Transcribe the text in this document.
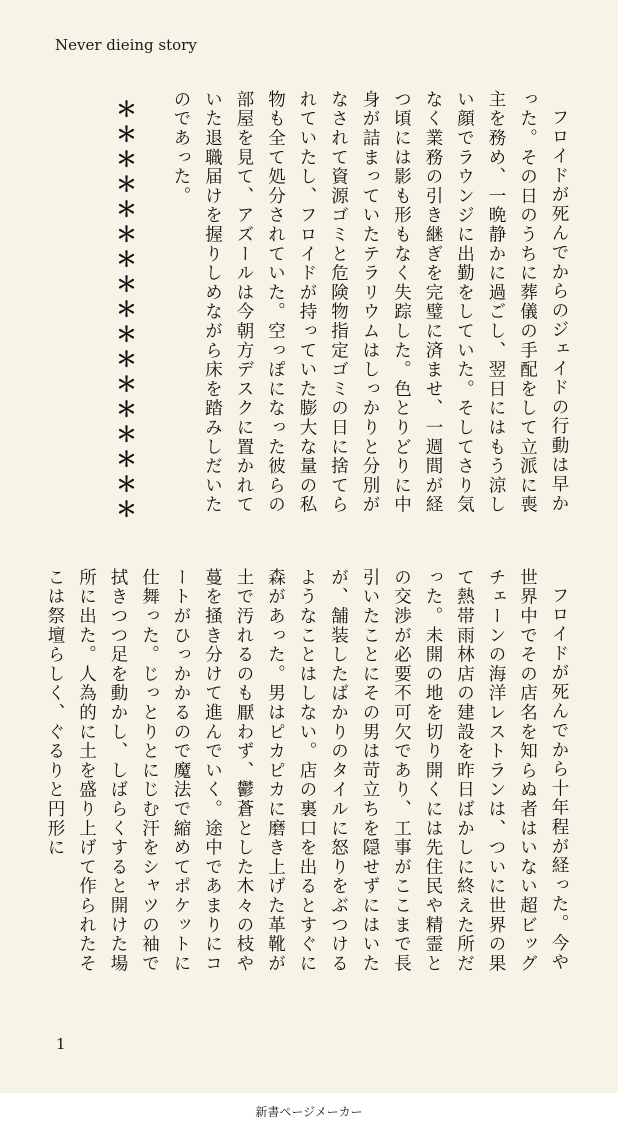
Never dieing story

フロイドが死んでからのジェイドの行動は早かった。その日のうちに葬儀の手配をして立派に喪主を務め、一晩静かに過ごし、翌日にはもう涼しい顔でラウンジに出勤をしていた。そしてさり気なく業務の引き継ぎを完璧に済ませ、一週間が経つ頃には影も形もなく失踪した。色とりどりに中身が詰まっていたテラリウムはしっかりと分別がなされて資源ゴミと危険物指定ゴミの日に捨てられていたし、フロイドが持っていた膨大な量の私物も全て処分されていた。空っぽになった彼らの部屋を見て、アズールは今朝方デスクに置かれていた退職届けを握りしめながら床を踏みしだいたのであった。

＊＊＊＊＊＊＊＊＊＊＊＊＊＊＊＊＊

フロイドが死んでから十年程が経った。今や世界中でその店名を知らぬ者はいない超ビッグチェーンの海洋レストランは、ついに世界の果て熱帯雨林店の建設を昨日ばかしに終えた所だった。未開の地を切り開くには先住民や精霊との交渉が必要不可欠であり、工事がここまで長引いたことにその男は苛立ちを隠せずにはいたが、舗装したばかりのタイルに怒りをぶつけるようなことはしない。店の裏口を出るとすぐに森があった。男はピカピカに磨き上げた革靴が土で汚れるのも厭わず、鬱蒼とした木々の枝や蔓を掻き分けて進んでいく。途中であまりにコートがひっかかるので魔法で縮めてポケットに仕舞った。じっとりとにじむ汗をシャツの袖で拭きつつ足を動かし、しばらくすると開けた場所に出た。人為的に土を盛り上げて作られたそこは祭壇らしく、ぐるりと円形に

1
新書ページメーカー
